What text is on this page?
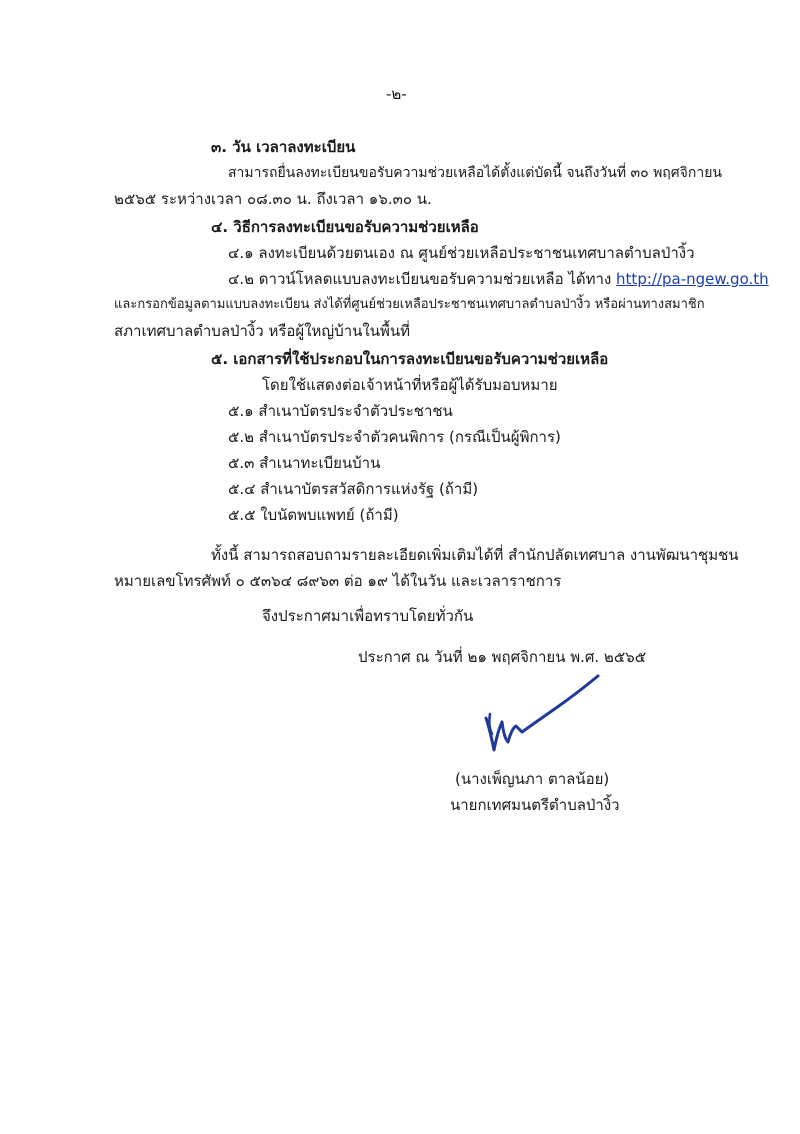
-๒-
๓. วัน เวลาลงทะเบียน
สามารถยื่นลงทะเบียนขอรับความช่วยเหลือได้ตั้งแต่บัดนี้ จนถึงวันที่ ๓๐ พฤศจิกายน
๒๕๖๕ ระหว่างเวลา ๐๘.๓๐ น. ถึงเวลา ๑๖.๓๐ น.
๔. วิธีการลงทะเบียนขอรับความช่วยเหลือ
๔.๑ ลงทะเบียนด้วยตนเอง ณ ศูนย์ช่วยเหลือประชาชนเทศบาลตำบลป่างิ้ว
๔.๒ ดาวน์โหลดแบบลงทะเบียนขอรับความช่วยเหลือ ได้ทาง http://pa-ngew.go.th
และกรอกข้อมูลตามแบบลงทะเบียน ส่งได้ที่ศูนย์ช่วยเหลือประชาชนเทศบาลตำบลป่างิ้ว หรือผ่านทางสมาชิก
สภาเทศบาลตำบลป่างิ้ว หรือผู้ใหญ่บ้านในพื้นที่
๕. เอกสารที่ใช้ประกอบในการลงทะเบียนขอรับความช่วยเหลือ
โดยใช้แสดงต่อเจ้าหน้าที่หรือผู้ได้รับมอบหมาย
๕.๑ สำเนาบัตรประจำตัวประชาชน
๕.๒ สำเนาบัตรประจำตัวคนพิการ (กรณีเป็นผู้พิการ)
๕.๓ สำเนาทะเบียนบ้าน
๕.๔ สำเนาบัตรสวัสดิการแห่งรัฐ (ถ้ามี)
๕.๕ ใบนัดพบแพทย์ (ถ้ามี)
ทั้งนี้ สามารถสอบถามรายละเอียดเพิ่มเติมได้ที่ สำนักปลัดเทศบาล งานพัฒนาชุมชน
หมายเลขโทรศัพท์ ๐ ๕๓๖๔ ๘๙๖๓ ต่อ ๑๙ ได้ในวัน และเวลาราชการ
จึงประกาศมาเพื่อทราบโดยทั่วกัน
ประกาศ ณ วันที่ ๒๑ พฤศจิกายน พ.ศ. ๒๕๖๕
(นางเพ็ญนภา ตาลน้อย)
นายกเทศมนตรีตำบลป่างิ้ว
